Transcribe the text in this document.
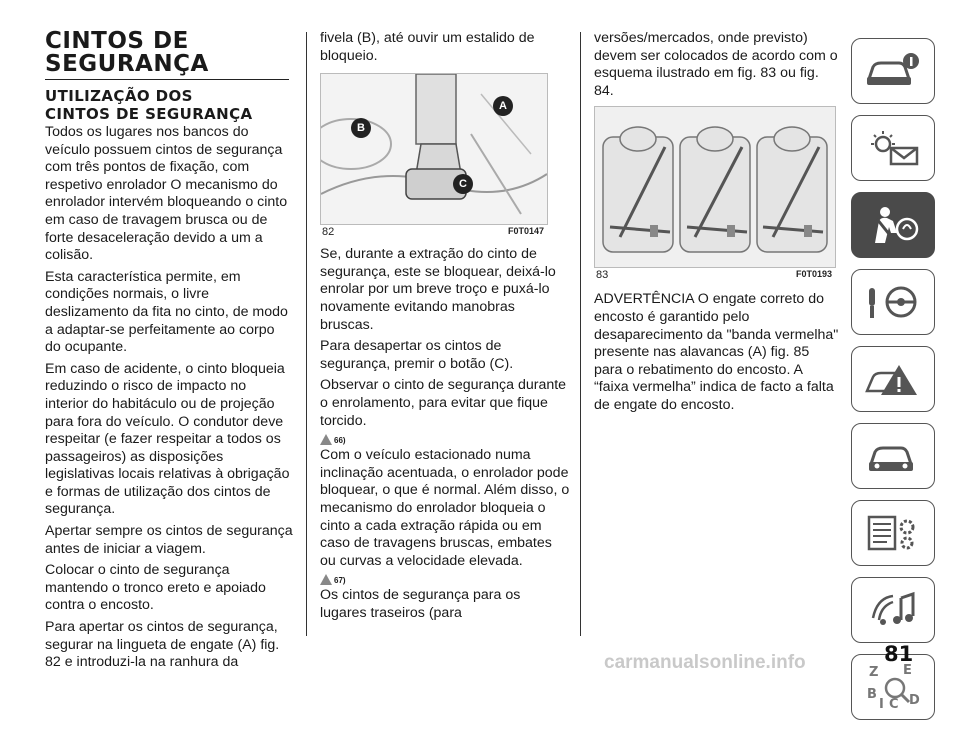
CINTOS DE

SEGURANÇA

UTILIZAÇÃO DOS

CINTOS DE SEGURANÇA

Todos os lugares nos bancos do veículo possuem cintos de segurança com três pontos de fixação, com respetivo enrolador O mecanismo do enrolador intervém bloqueando o cinto em caso de travagem brusca ou de forte desaceleração devido a um a colisão.

Esta característica permite, em condições normais, o livre deslizamento da fita no cinto, de modo a adaptar-se perfeitamente ao corpo do ocupante.

Em caso de acidente, o cinto bloqueia reduzindo o risco de impacto no interior do habitáculo ou de projeção para fora do veículo. O condutor deve respeitar (e fazer respeitar a todos os passageiros) as disposições legislativas locais relativas à obrigação e formas de utilização dos cintos de segurança.

Apertar sempre os cintos de segurança antes de iniciar a viagem.

Colocar o cinto de segurança mantendo o tronco ereto e apoiado contra o encosto.

Para apertar os cintos de segurança, segurar na lingueta de engate (A) fig. 82 e introduzi-la na ranhura da

fivela (B), até ouvir um estalido de bloqueio.

A
B
C
82	F0T0147

Se, durante a extração do cinto de segurança, este se bloquear, deixá-lo enrolar por um breve troço e puxá-lo novamente evitando manobras bruscas.

Para desapertar os cintos de segurança, premir o botão (C).

Observar o cinto de segurança durante o enrolamento, para evitar que fique torcido.

66)

Com o veículo estacionado numa inclinação acentuada, o enrolador pode bloquear, o que é normal. Além disso, o mecanismo do enrolador bloqueia o cinto a cada extração rápida ou em caso de travagens bruscas, embates ou curvas a velocidade elevada.

67)

Os cintos de segurança para os lugares traseiros (para

versões/mercados, onde previsto) devem ser colocados de acordo com o esquema ilustrado em fig. 83 ou fig. 84.

83	F0T0193

ADVERTÊNCIA O engate correto do encosto é garantido pelo desaparecimento da "banda vermelha" presente nas alavancas (A) fig. 85 para o rebatimento do encosto. A “faixa vermelha” indica de facto a falta de engate do encosto.

Z E
B
I C D
81
carmanualsonline.info
